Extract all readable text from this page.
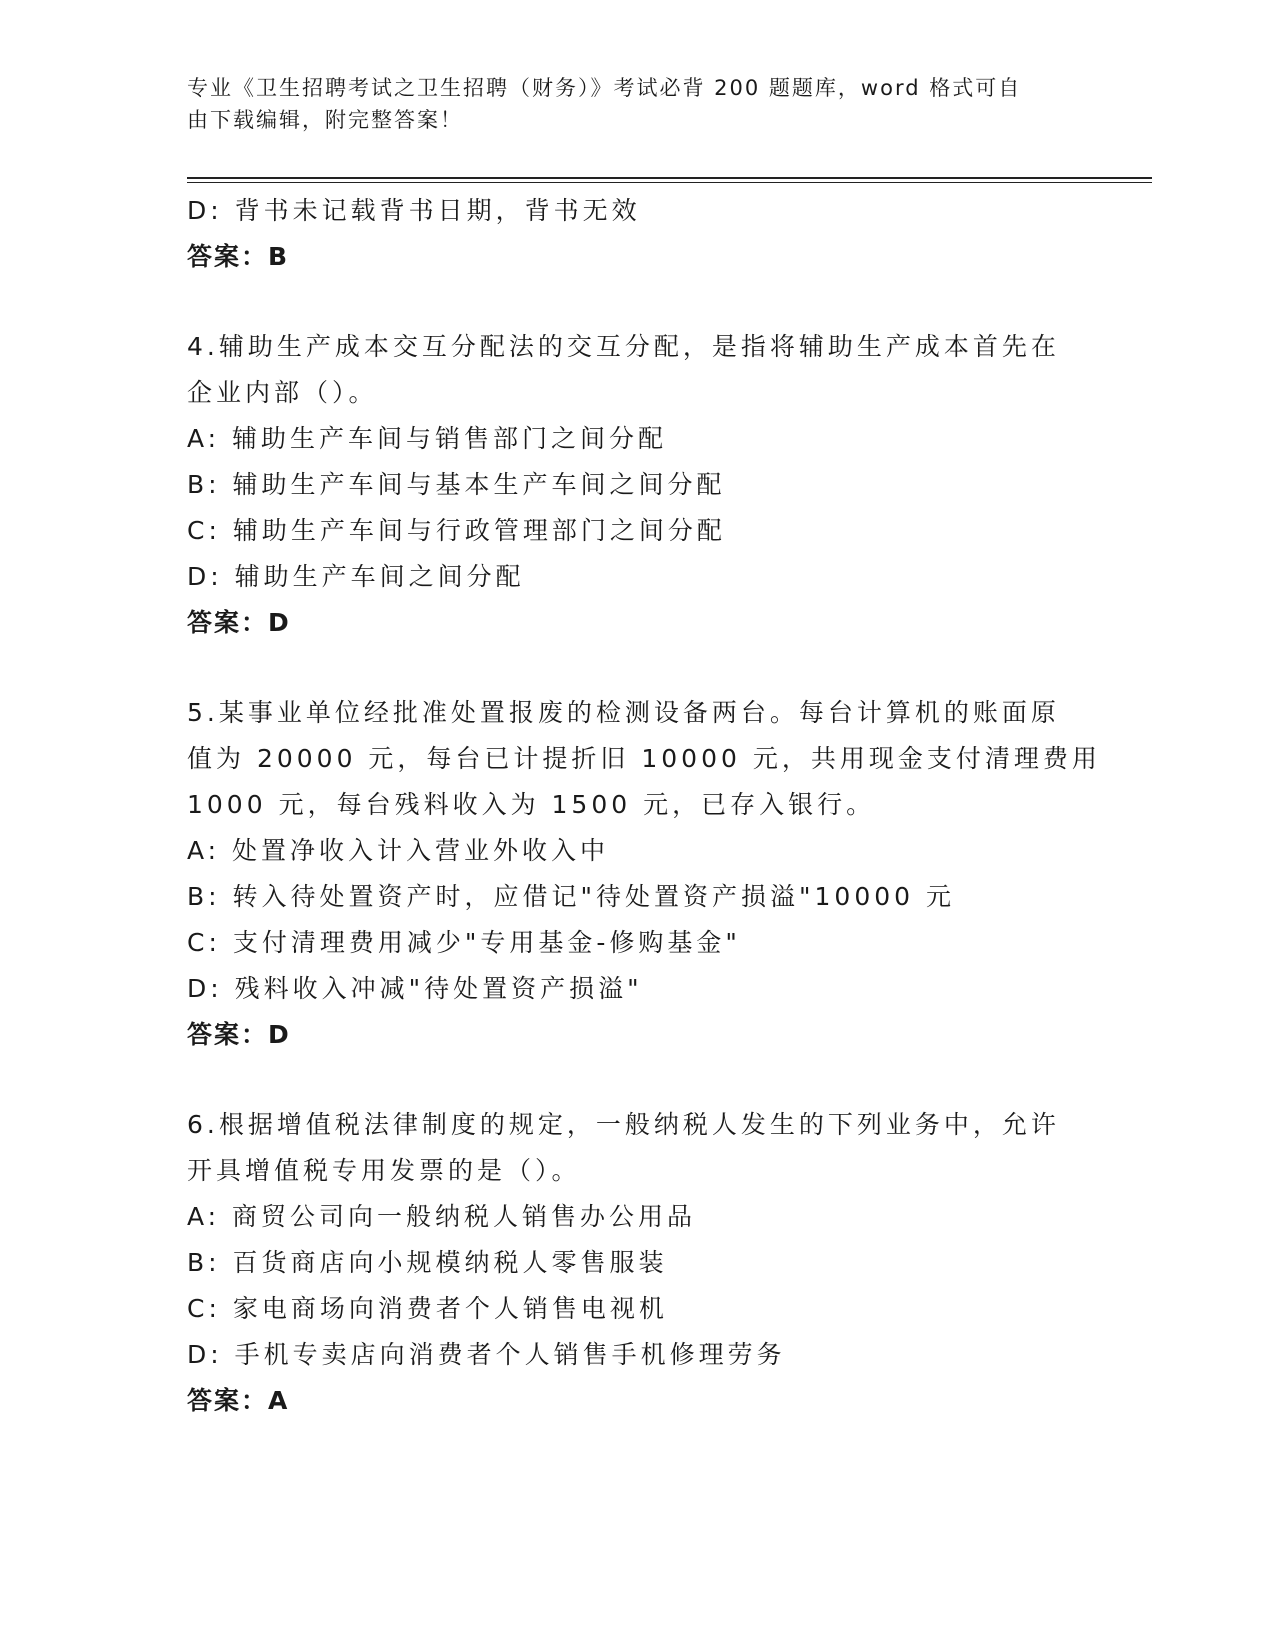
专业《卫生招聘考试之卫生招聘（财务）》考试必背 200 题题库，word 格式可自
由下载编辑，附完整答案！
D: 背书未记载背书日期，背书无效
答案：B
4.辅助生产成本交互分配法的交互分配，是指将辅助生产成本首先在
企业内部（）。
A: 辅助生产车间与销售部门之间分配
B: 辅助生产车间与基本生产车间之间分配
C: 辅助生产车间与行政管理部门之间分配
D: 辅助生产车间之间分配
答案：D
5.某事业单位经批准处置报废的检测设备两台。每台计算机的账面原
值为 20000 元，每台已计提折旧 10000 元，共用现金支付清理费用
1000 元，每台残料收入为 1500 元，已存入银行。
A: 处置净收入计入营业外收入中
B: 转入待处置资产时，应借记"待处置资产损溢"10000 元
C: 支付清理费用减少"专用基金-修购基金"
D: 残料收入冲减"待处置资产损溢"
答案：D
6.根据增值税法律制度的规定，一般纳税人发生的下列业务中，允许
开具增值税专用发票的是（）。
A: 商贸公司向一般纳税人销售办公用品
B: 百货商店向小规模纳税人零售服装
C: 家电商场向消费者个人销售电视机
D: 手机专卖店向消费者个人销售手机修理劳务
答案：A
